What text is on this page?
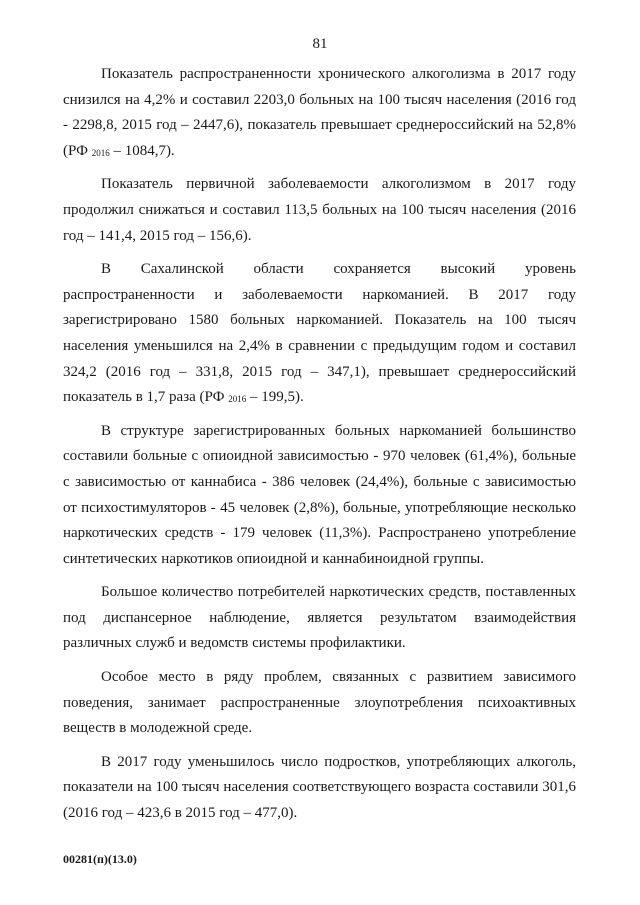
81

Показатель распространенности хронического алкоголизма в 2017 году снизился на 4,2% и составил 2203,0 больных на 100 тысяч населения (2016 год - 2298,8, 2015 год – 2447,6), показатель превышает среднероссийский на 52,8% (РФ $_{2016}$ – 1084,7).

Показатель первичной заболеваемости алкоголизмом в 2017 году продолжил снижаться и составил 113,5 больных на 100 тысяч населения (2016 год – 141,4, 2015 год – 156,6).

В Сахалинской области сохраняется высокий уровень распространенности и заболеваемости наркоманией. В 2017 году зарегистрировано 1580 больных наркоманией. Показатель на 100 тысяч населения уменьшился на 2,4% в сравнении с предыдущим годом и составил 324,2 (2016 год – 331,8, 2015 год – 347,1), превышает среднероссийский показатель в 1,7 раза (РФ $_{2016}$ – 199,5).

В структуре зарегистрированных больных наркоманией большинство составили больные с опиоидной зависимостью - 970 человек (61,4%), больные с зависимостью от каннабиса - 386 человек (24,4%), больные с зависимостью от психостимуляторов - 45 человек (2,8%), больные, употребляющие несколько наркотических средств - 179 человек (11,3%). Распространено употребление синтетических наркотиков опиоидной и каннабиноидной группы.

Большое количество потребителей наркотических средств, поставленных под диспансерное наблюдение, является результатом взаимодействия различных служб и ведомств системы профилактики.

Особое место в ряду проблем, связанных с развитием зависимого поведения, занимает распространенные злоупотребления психоактивных веществ в молодежной среде.

В 2017 году уменьшилось число подростков, употребляющих алкоголь, показатели на 100 тысяч населения соответствующего возраста составили 301,6 (2016 год – 423,6 в 2015 год – 477,0).

00281(п)(13.0)
